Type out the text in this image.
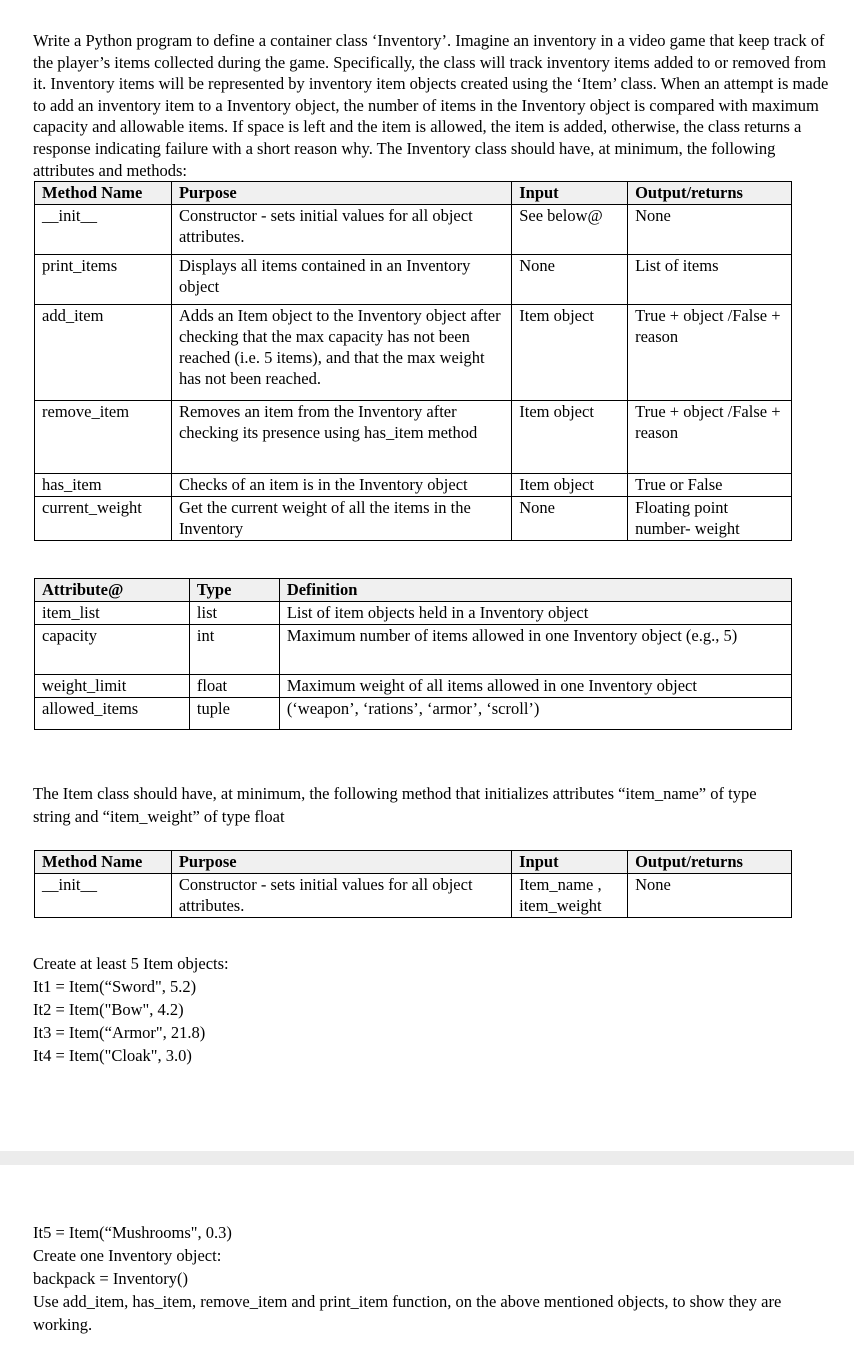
Write a Python program to define a container class ‘Inventory’. Imagine an inventory in a video game that keep track of the player’s items collected during the game. Specifically, the class will track inventory items added to or removed from it. Inventory items will be represented by inventory item objects created using the ‘Item’ class. When an attempt is made to add an inventory item to a Inventory object, the number of items in the Inventory object is compared with maximum capacity and allowable items. If space is left and the item is allowed, the item is added, otherwise, the class returns a response indicating failure with a short reason why. The Inventory class should have, at minimum, the following attributes and methods:

Method Name	Purpose	Input	Output/returns
__init__	Constructor - sets initial values for all object attributes.	See below@	None
print_items	Displays all items contained in an Inventory object	None	List of items
add_item	Adds an Item object to the Inventory object after checking that the max capacity has not been reached (i.e. 5 items), and that the max weight has not been reached.	Item object	True + object /False + reason
remove_item	Removes an item from the Inventory after checking its presence using has_item method	Item object	True + object /False + reason
has_item	Checks of an item is in the Inventory object	Item object	True or False
current_weight	Get the current weight of all the items in the Inventory	None	Floating point number- weight
Attribute@	Type	Definition
item_list	list	List of item objects held in a Inventory object
capacity	int	Maximum number of items allowed in one Inventory object (e.g., 5)
weight_limit	float	Maximum weight of all items allowed in one Inventory object
allowed_items	tuple	(‘weapon’, ‘rations’, ‘armor’, ‘scroll’)

The Item class should have, at minimum, the following method that initializes attributes “item_name” of type string and “item_weight” of type float

Method Name	Purpose	Input	Output/returns
__init__	Constructor - sets initial values for all object attributes.	Item_name , item_weight	None

Create at least 5 Item objects:

It1 = Item(“Sword", 5.2)

It2 = Item("Bow", 4.2)

It3 = Item(“Armor", 21.8)

It4 = Item("Cloak", 3.0)

It5 = Item(“Mushrooms", 0.3)

Create one Inventory object:

backpack = Inventory()

Use add_item, has_item, remove_item and print_item function, on the above mentioned objects, to show they are working.
